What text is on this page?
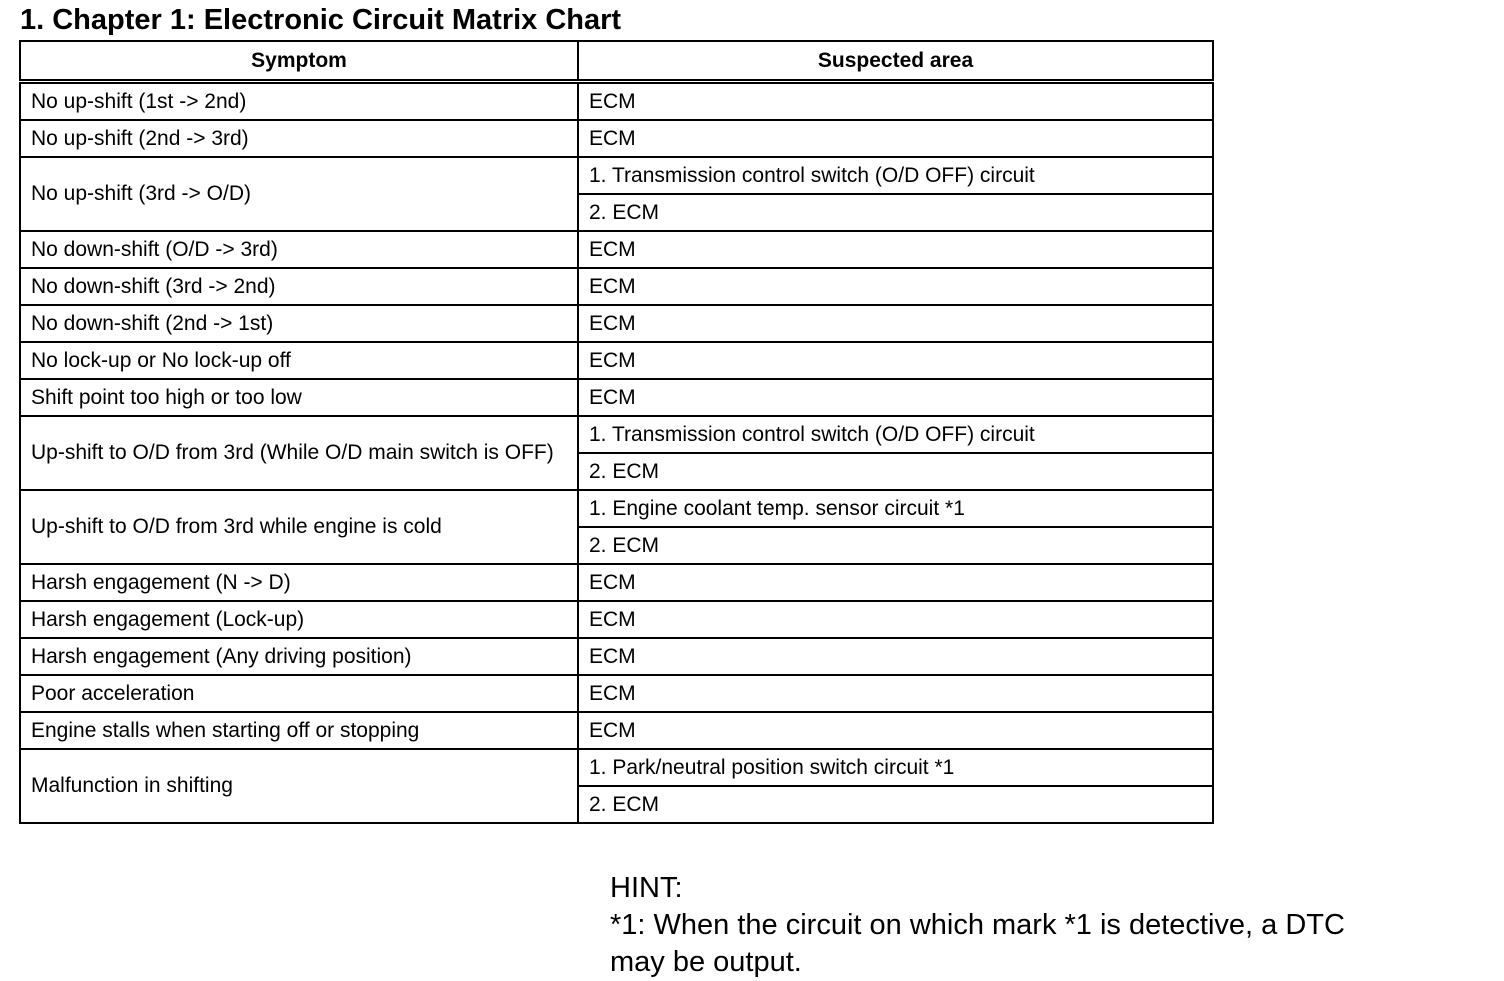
1. Chapter 1: Electronic Circuit Matrix Chart
Symptom	Suspected area
No up-shift (1st -> 2nd)	ECM
No up-shift (2nd -> 3rd)	ECM
No up-shift (3rd -> O/D)	1. Transmission control switch (O/D OFF) circuit
	2. ECM
No down-shift (O/D -> 3rd)	ECM
No down-shift (3rd -> 2nd)	ECM
No down-shift (2nd -> 1st)	ECM
No lock-up or No lock-up off	ECM
Shift point too high or too low	ECM
Up-shift to O/D from 3rd (While O/D main switch is OFF)	1. Transmission control switch (O/D OFF) circuit
	2. ECM
Up-shift to O/D from 3rd while engine is cold	1. Engine coolant temp. sensor circuit *1
	2. ECM
Harsh engagement (N -> D)	ECM
Harsh engagement (Lock-up)	ECM
Harsh engagement (Any driving position)	ECM
Poor acceleration	ECM
Engine stalls when starting off or stopping	ECM
Malfunction in shifting	1. Park/neutral position switch circuit *1
	2. ECM
HINT:
*1: When the circuit on which mark *1 is detective, a DTC
may be output.
